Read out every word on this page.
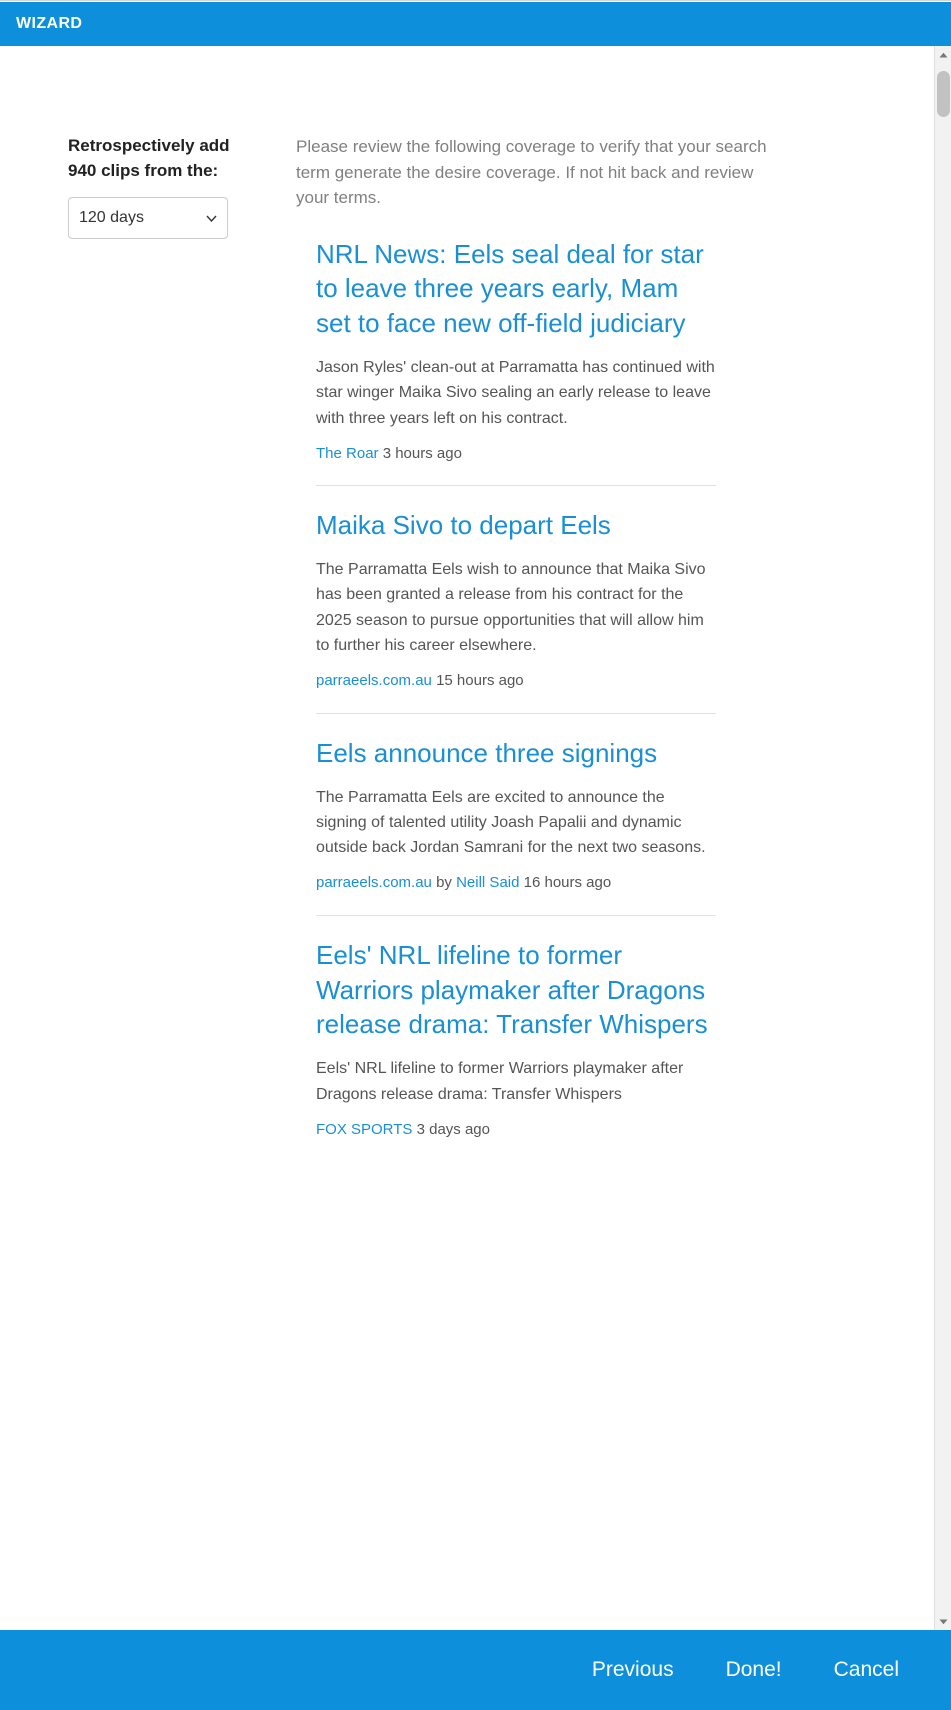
WIZARD
Retrospectively add 940 clips from the:
120 days
Please review the following coverage to verify that your search term generate the desire coverage. If not hit back and review your terms.
NRL News: Eels seal deal for star to leave three years early, Mam set to face new off-field judiciary

Jason Ryles' clean-out at Parramatta has continued with star winger Maika Sivo sealing an early release to leave with three years left on his contract.

The Roar 3 hours ago
Maika Sivo to depart Eels

The Parramatta Eels wish to announce that Maika Sivo has been granted a release from his contract for the 2025 season to pursue opportunities that will allow him to further his career elsewhere.

parraeels.com.au 15 hours ago
Eels announce three signings

The Parramatta Eels are excited to announce the signing of talented utility Joash Papalii and dynamic outside back Jordan Samrani for the next two seasons.

parraeels.com.au by Neill Said 16 hours ago
Eels' NRL lifeline to former Warriors playmaker after Dragons release drama: Transfer Whispers

Eels' NRL lifeline to former Warriors playmaker after Dragons release drama: Transfer Whispers

FOX SPORTS 3 days ago
Previous Done! Cancel
